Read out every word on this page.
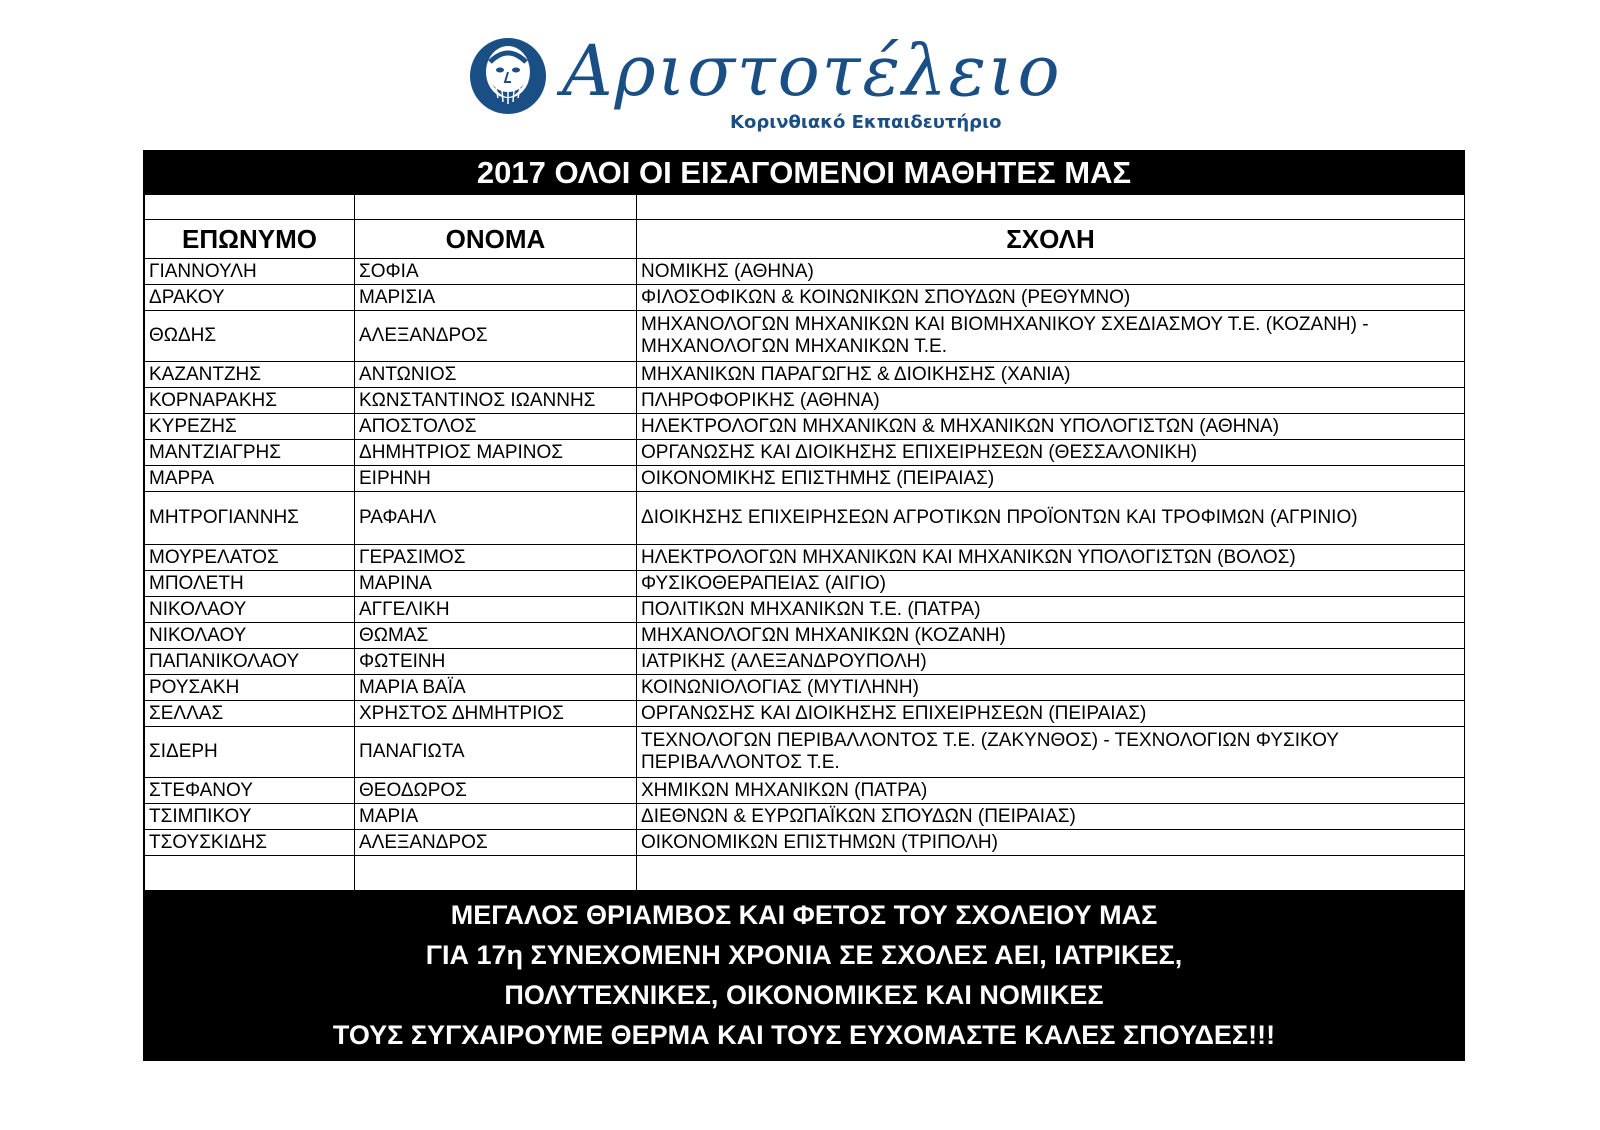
Αριστοτέλειο
Κορινθιακό Εκπαιδευτήριο
2017 ΟΛΟΙ ΟΙ ΕΙΣΑΓΟΜΕΝΟΙ ΜΑΘΗΤΕΣ ΜΑΣ

ΕΠΩΝΥΜΟ	ΟΝΟΜΑ	ΣΧΟΛΗ
ΓΙΑΝΝΟΥΛΗ	ΣΟΦΙΑ	ΝΟΜΙΚΗΣ (ΑΘΗΝΑ)
ΔΡΑΚΟΥ	ΜΑΡΙΣΙΑ	ΦΙΛΟΣΟΦΙΚΩΝ & ΚΟΙΝΩΝΙΚΩΝ ΣΠΟΥΔΩΝ (ΡΕΘΥΜΝΟ)
ΘΩΔΗΣ	ΑΛΕΞΑΝΔΡΟΣ	ΜΗΧΑΝΟΛΟΓΩΝ ΜΗΧΑΝΙΚΩΝ ΚΑΙ ΒΙΟΜΗΧΑΝΙΚΟΥ ΣΧΕΔΙΑΣΜΟΥ Τ.Ε. (ΚΟΖΑΝΗ) - ΜΗΧΑΝΟΛΟΓΩΝ ΜΗΧΑΝΙΚΩΝ Τ.Ε.
ΚΑΖΑΝΤΖΗΣ	ΑΝΤΩΝΙΟΣ	ΜΗΧΑΝΙΚΩΝ ΠΑΡΑΓΩΓΗΣ & ΔΙΟΙΚΗΣΗΣ (ΧΑΝΙΑ)
ΚΟΡΝΑΡΑΚΗΣ	ΚΩΝΣΤΑΝΤΙΝΟΣ ΙΩΑΝΝΗΣ	ΠΛΗΡΟΦΟΡΙΚΗΣ (ΑΘΗΝΑ)
ΚΥΡΕΖΗΣ	ΑΠΟΣΤΟΛΟΣ	ΗΛΕΚΤΡΟΛΟΓΩΝ ΜΗΧΑΝΙΚΩΝ & ΜΗΧΑΝΙΚΩΝ ΥΠΟΛΟΓΙΣΤΩΝ (ΑΘΗΝΑ)
ΜΑΝΤΖΙΑΓΡΗΣ	ΔΗΜΗΤΡΙΟΣ ΜΑΡΙΝΟΣ	ΟΡΓΑΝΩΣΗΣ ΚΑΙ ΔΙΟΙΚΗΣΗΣ ΕΠΙΧΕΙΡΗΣΕΩΝ (ΘΕΣΣΑΛΟΝΙΚΗ)
ΜΑΡΡΑ	ΕΙΡΗΝΗ	ΟΙΚΟΝΟΜΙΚΗΣ ΕΠΙΣΤΗΜΗΣ (ΠΕΙΡΑΙΑΣ)
ΜΗΤΡΟΓΙΑΝΝΗΣ	ΡΑΦΑΗΛ	ΔΙΟΙΚΗΣΗΣ ΕΠΙΧΕΙΡΗΣΕΩΝ ΑΓΡΟΤΙΚΩΝ ΠΡΟΪΟΝΤΩΝ ΚΑΙ ΤΡΟΦΙΜΩΝ (ΑΓΡΙΝΙΟ)
ΜΟΥΡΕΛΑΤΟΣ	ΓΕΡΑΣΙΜΟΣ	ΗΛΕΚΤΡΟΛΟΓΩΝ ΜΗΧΑΝΙΚΩΝ ΚΑΙ ΜΗΧΑΝΙΚΩΝ ΥΠΟΛΟΓΙΣΤΩΝ (ΒΟΛΟΣ)
ΜΠΟΛΕΤΗ	ΜΑΡΙΝΑ	ΦΥΣΙΚΟΘΕΡΑΠΕΙΑΣ (ΑΙΓΙΟ)
ΝΙΚΟΛΑΟΥ	ΑΓΓΕΛΙΚΗ	ΠΟΛΙΤΙΚΩΝ ΜΗΧΑΝΙΚΩΝ Τ.Ε. (ΠΑΤΡΑ)
ΝΙΚΟΛΑΟΥ	ΘΩΜΑΣ	ΜΗΧΑΝΟΛΟΓΩΝ ΜΗΧΑΝΙΚΩΝ (ΚΟΖΑΝΗ)
ΠΑΠΑΝΙΚΟΛΑΟΥ	ΦΩΤΕΙΝΗ	ΙΑΤΡΙΚΗΣ (ΑΛΕΞΑΝΔΡΟΥΠΟΛΗ)
ΡΟΥΣΑΚΗ	ΜΑΡΙΑ ΒΑΪΑ	ΚΟΙΝΩΝΙΟΛΟΓΙΑΣ (ΜΥΤΙΛΗΝΗ)
ΣΕΛΛΑΣ	ΧΡΗΣΤΟΣ ΔΗΜΗΤΡΙΟΣ	ΟΡΓΑΝΩΣΗΣ ΚΑΙ ΔΙΟΙΚΗΣΗΣ ΕΠΙΧΕΙΡΗΣΕΩΝ (ΠΕΙΡΑΙΑΣ)
ΣΙΔΕΡΗ	ΠΑΝΑΓΙΩΤΑ	ΤΕΧΝΟΛΟΓΩΝ ΠΕΡΙΒΑΛΛΟΝΤΟΣ Τ.Ε. (ΖΑΚΥΝΘΟΣ) - ΤΕΧΝΟΛΟΓΙΩΝ ΦΥΣΙΚΟΥ ΠΕΡΙΒΑΛΛΟΝΤΟΣ Τ.Ε.
ΣΤΕΦΑΝΟΥ	ΘΕΟΔΩΡΟΣ	ΧΗΜΙΚΩΝ ΜΗΧΑΝΙΚΩΝ (ΠΑΤΡΑ)
ΤΣΙΜΠΙΚΟΥ	ΜΑΡΙΑ	ΔΙΕΘΝΩΝ & ΕΥΡΩΠΑΪΚΩΝ ΣΠΟΥΔΩΝ (ΠΕΙΡΑΙΑΣ)
ΤΣΟΥΣΚΙΔΗΣ	ΑΛΕΞΑΝΔΡΟΣ	ΟΙΚΟΝΟΜΙΚΩΝ ΕΠΙΣΤΗΜΩΝ (ΤΡΙΠΟΛΗ)

ΜΕΓΑΛΟΣ ΘΡΙΑΜΒΟΣ ΚΑΙ ΦΕΤΟΣ ΤΟΥ ΣΧΟΛΕΙΟΥ ΜΑΣ
ΓΙΑ 17η ΣΥΝΕΧΟΜΕΝΗ ΧΡΟΝΙΑ ΣΕ ΣΧΟΛΕΣ ΑΕΙ, ΙΑΤΡΙΚΕΣ,
ΠΟΛΥΤΕΧΝΙΚΕΣ, ΟΙΚΟΝΟΜΙΚΕΣ ΚΑΙ ΝΟΜΙΚΕΣ
ΤΟΥΣ ΣΥΓΧΑΙΡΟΥΜΕ ΘΕΡΜΑ ΚΑΙ ΤΟΥΣ ΕΥΧΟΜΑΣΤΕ ΚΑΛΕΣ ΣΠΟΥΔΕΣ!!!
